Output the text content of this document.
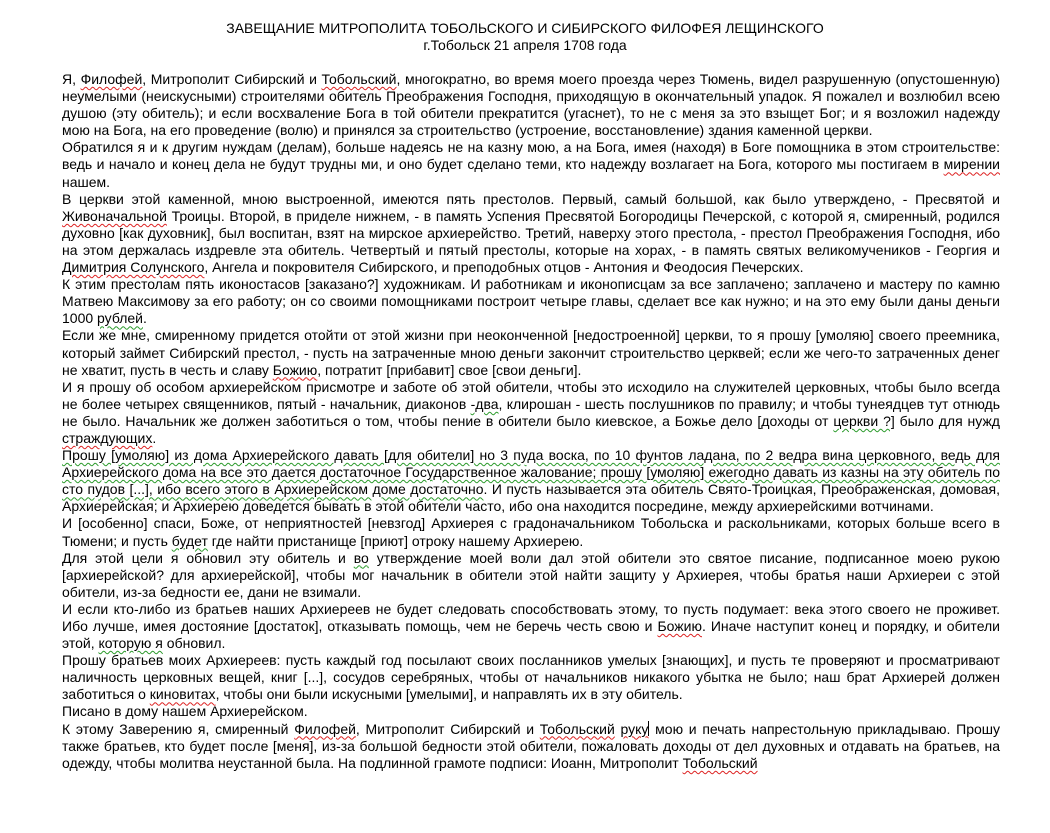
ЗАВЕЩАНИЕ МИТРОПОЛИТА ТОБОЛЬСКОГО И СИБИРСКОГО ФИЛОФЕЯ ЛЕЩИНСКОГО
г.Тобольск 21 апреля 1708 года

Я, Филофей, Митрополит Сибирский и Тобольский, многократно, во время моего проезда через Тюмень, видел разрушенную (опустошенную) неумелыми (неискусными) строителями обитель Преображения Господня, приходящую в окончательный упадок. Я пожалел и возлюбил всею душою (эту обитель); и если восхваление Бога в той обители прекратится (угаснет), то не с меня за это взыщет Бог; и я возложил надежду мою на Бога, на его проведение (волю) и принялся за строительство (устроение, восстановление) здания каменной церкви.

Обратился я и к другим нуждам (делам), больше надеясь не на казну мою, а на Бога, имея (находя) в Боге помощника в этом строительстве: ведь и начало и конец дела не будут трудны ми, и оно будет сделано теми, кто надежду возлагает на Бога, которого мы постигаем в мирении нашем.

В церкви этой каменной, мною выстроенной, имеются пять престолов. Первый, самый большой, как было утверждено, - Пресвятой и Живоначальной Троицы. Второй, в приделе нижнем, - в память Успения Пресвятой Богородицы Печерской, с которой я, смиренный, родился духовно [как духовник], был воспитан, взят на мирское архиерейство. Третий, наверху этого престола, - престол Преображения Господня, ибо на этом держалась издревле эта обитель. Четвертый и пятый престолы, которые на хорах, - в память святых великомучеников - Георгия и Димитрия Солунского, Ангела и покровителя Сибирского, и преподобных отцов - Антония и Феодосия Печерских.

К этим престолам пять иконостасов [заказано?] художникам. И работникам и иконописцам за все заплачено; заплачено и мастеру по камню Матвею Максимову за его работу; он со своими помощниками построит четыре главы, сделает все как нужно; и на это ему были даны деньги 1000 рублей.

Если же мне, смиренному придется отойти от этой жизни при неоконченной [недостроенной] церкви, то я прошу [умоляю] своего преемника, который займет Сибирский престол, - пусть на затраченные мною деньги закончит строительство церквей; если же чего-то затраченных денег не хватит, пусть в честь и славу Божию, потратит [прибавит] свое [свои деньги].

И я прошу об особом архиерейском присмотре и заботе об этой обители, чтобы это исходило на служителей церковных, чтобы было всегда не более четырех священников, пятый - начальник, диаконов -два, клирошан - шесть послушников по правилу; и чтобы тунеядцев тут отнюдь не было. Начальник же должен заботиться о том, чтобы пение в обители было киевское, а Божье дело [доходы от церкви ?] было для нужд страждующих.

Прошу [умоляю] из дома Архиерейского давать [для обители] но 3 пуда воска, по 10 фунтов ладана, по 2 ведра вина церковного, ведь для Архиерейского дома на все это дается достаточное Государственное жалование; прошу [умоляю] ежегодно давать из казны на эту обитель по сто пудов [...], ибо всего этого в Архиерейском доме достаточно. И пусть называется эта обитель Свято-Троицкая, Преображенская, домовая, Архиерейская; и Архиерею доведется бывать в этой обители часто, ибо она находится посредине, между архиерейскими вотчинами.

И [особенно] спаси, Боже, от неприятностей [невзгод] Архиерея с градоначальником Тобольска и раскольниками, которых больше всего в Тюмени; и пусть будет где найти пристанище [приют] отроку нашему Архиерею.

Для этой цели я обновил эту обитель и во утверждение моей воли дал этой обители это святое писание, подписанное моею рукою [архиерейской? для архиерейской], чтобы мог начальник в обители этой найти защиту у Архиерея, чтобы братья наши Архиереи с этой обители, из-за бедности ее, дани не взимали.

И если кто-либо из братьев наших Архиереев не будет следовать способствовать этому, то пусть подумает: века этого своего не проживет. Ибо лучше, имея достояние [достаток], отказывать помощь, чем не беречь честь свою и Божию. Иначе наступит конец и порядку, и обители этой, которую я обновил.

Прошу братьев моих Архиереев: пусть каждый год посылают своих посланников умелых [знающих], и пусть те проверяют и просматривают наличность церковных вещей, книг [...], сосудов серебряных, чтобы от начальников никакого убытка не было; наш брат Архиерей должен заботиться о киновитах, чтобы они были искусными [умелыми], и направлять их в эту обитель.

Писано в дому нашем Архиерейском.

К этому Заверению я, смиренный Филофей, Митрополит Сибирский и Тобольский руку мою и печать напрестольную прикладываю. Прошу также братьев, кто будет после [меня], из-за большой бедности этой обители, пожаловать доходы от дел духовных и отдавать на братьев, на одежду, чтобы молитва неустанной была. На подлинной грамоте подписи: Иоанн, Митрополит Тобольский
